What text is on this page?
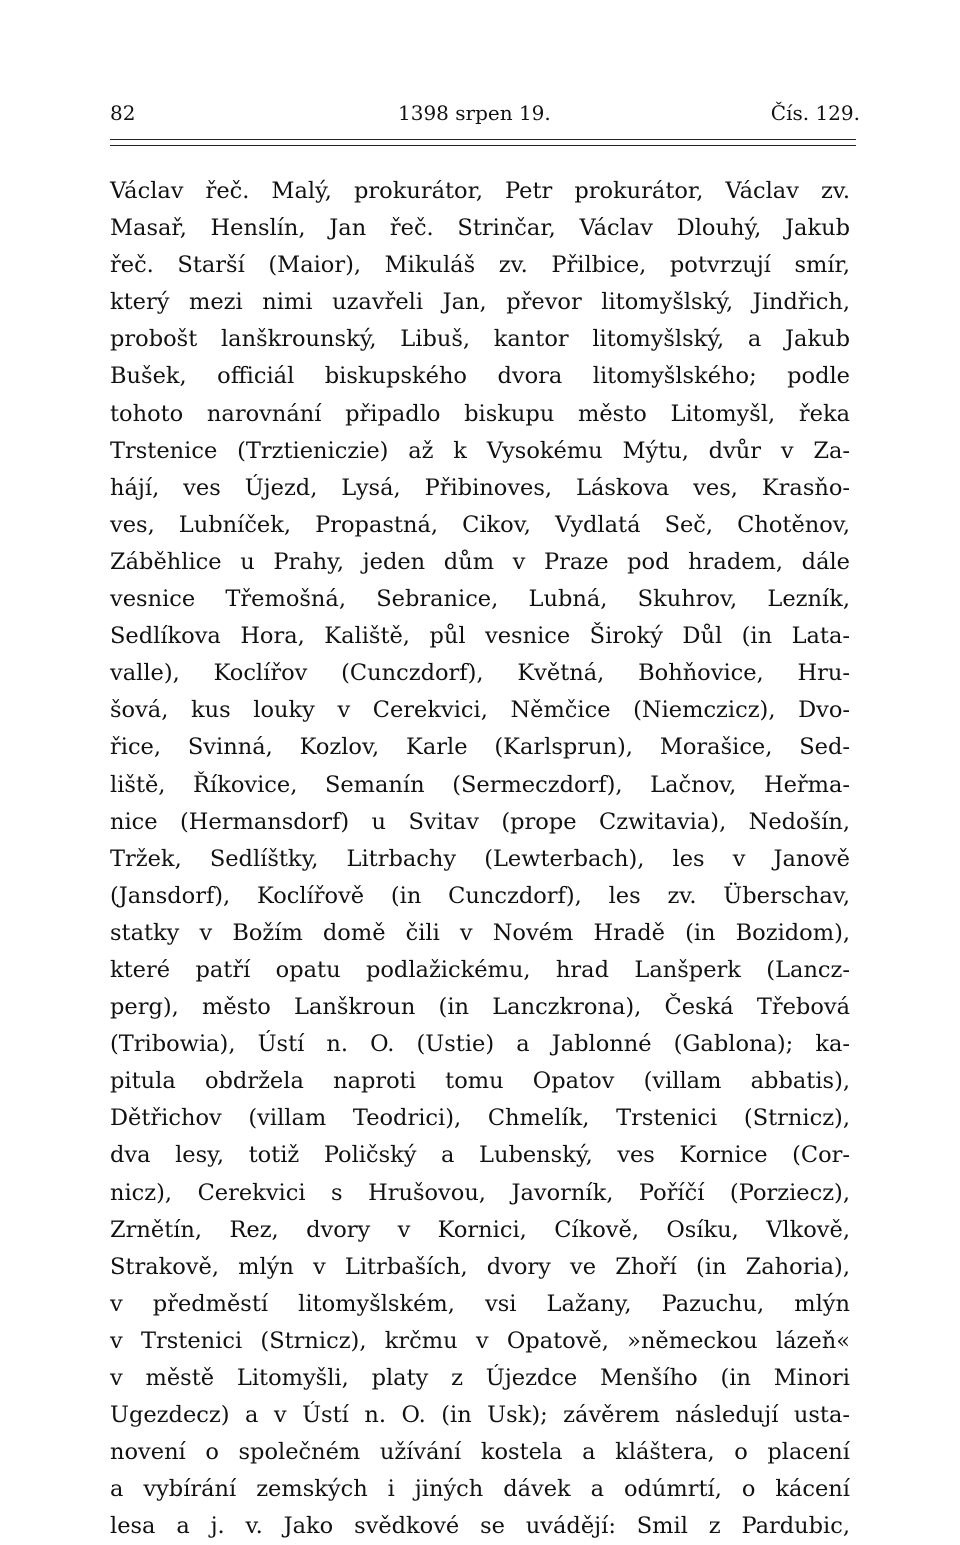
82	1398 srpen 19.	Čís. 129.
Václav řeč. Malý, prokurátor, Petr prokurátor, Václav zv.
Masař, Henslín, Jan řeč. Strinčar, Václav Dlouhý, Jakub
řeč. Starší (Maior), Mikuláš zv. Přilbice, potvrzují smír,
který mezi nimi uzavřeli Jan, převor litomyšlský, Jindřich,
probošt lanškrounský, Libuš, kantor litomyšlský, a Jakub
Bušek, officiál biskupského dvora litomyšlského; podle
tohoto narovnání připadlo biskupu město Litomyšl, řeka
Trstenice (Trztieniczie) až k Vysokému Mýtu, dvůr v Za-
hájí, ves Újezd, Lysá, Přibinoves, Láskova ves, Krasňo-
ves, Lubníček, Propastná, Cikov, Vydlatá Seč, Chotěnov,
Záběhlice u Prahy, jeden dům v Praze pod hradem, dále
vesnice Třemošná, Sebranice, Lubná, Skuhrov, Lezník,
Sedlíkova Hora, Kaliště, půl vesnice Široký Důl (in Lata-
valle), Koclířov (Cunczdorf), Květná, Bohňovice, Hru-
šová, kus louky v Cerekvici, Němčice (Niemczicz), Dvo-
řice, Svinná, Kozlov, Karle (Karlsprun), Morašice, Sed-
liště, Říkovice, Semanín (Sermeczdorf), Lačnov, Heřma-
nice (Hermansdorf) u Svitav (prope Czwitavia), Nedošín,
Tržek, Sedlíštky, Litrbachy (Lewterbach), les v Janově
(Jansdorf), Koclířově (in Cunczdorf), les zv. Überschav,
statky v Božím domě čili v Novém Hradě (in Bozidom),
které patří opatu podlažickému, hrad Lanšperk (Lancz-
perg), město Lanškroun (in Lanczkrona), Česká Třebová
(Tribowia), Ústí n. O. (Ustie) a Jablonné (Gablona); ka-
pitula obdržela naproti tomu Opatov (villam abbatis),
Dětřichov (villam Teodrici), Chmelík, Trstenici (Strnicz),
dva lesy, totiž Poličský a Lubenský, ves Kornice (Cor-
nicz), Cerekvici s Hrušovou, Javorník, Poříčí (Porziecz),
Zrnětín, Rez, dvory v Kornici, Cíkově, Osíku, Vlkově,
Strakově, mlýn v Litrbaších, dvory ve Zhoří (in Zahoria),
v předměstí litomyšlském, vsi Lažany, Pazuchu, mlýn
v Trstenici (Strnicz), krčmu v Opatově, »německou lázeň«
v městě Litomyšli, platy z Újezdce Menšího (in Minori
Ugezdecz) a v Ústí n. O. (in Usk); závěrem následují usta-
novení o společném užívání kostela a kláštera, o placení
a vybírání zemských i jiných dávek a odúmrtí, o kácení
lesa a j. v. Jako svědkové se uvádějí: Smil z Pardubic,
